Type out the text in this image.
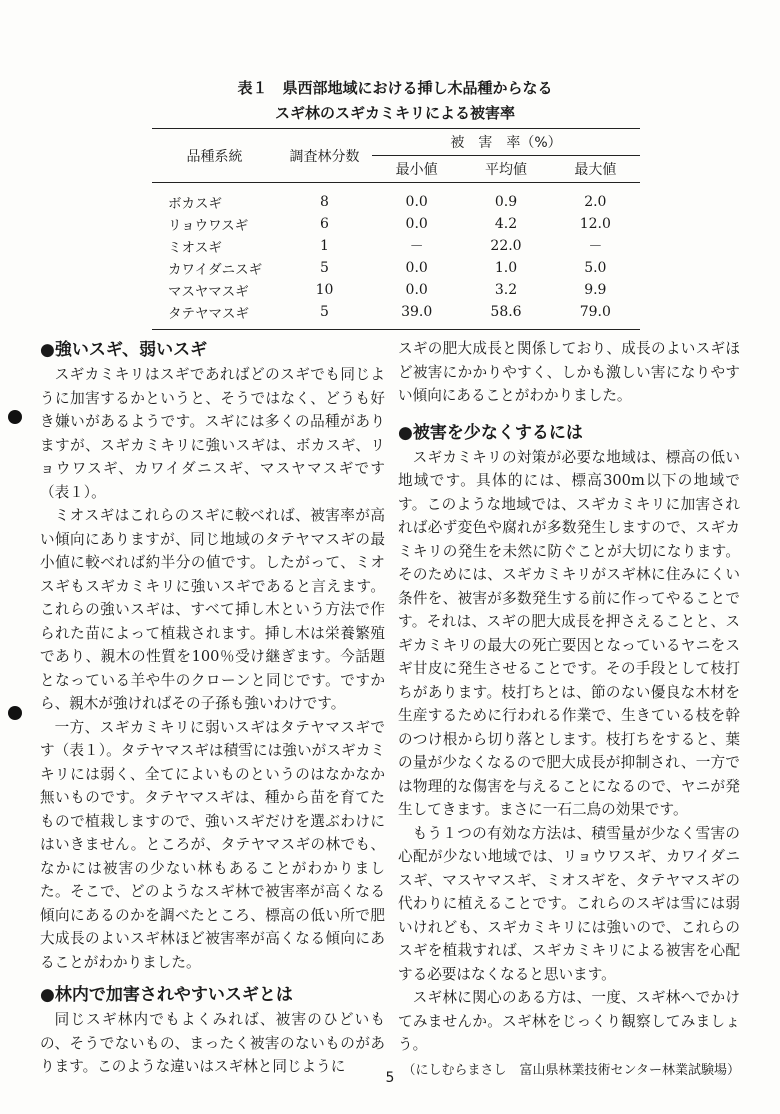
表１　県西部地域における挿し木品種からなる
スギ林のスギカミキリによる被害率
品種系統	調査林分数	被　害　率（%）		
		最小値	平均値	最大値
ボカスギ	8	0.0	0.9	2.0
リョウワスギ	6	0.0	4.2	12.0
ミオスギ	1	－	22.0	－
カワイダニスギ	5	0.0	1.0	5.0
マスヤマスギ	10	0.0	3.2	9.9
タテヤマスギ	5	39.0	58.6	79.0
●強いスギ、弱いスギ

スギカミキリはスギであればどのスギでも同じように加害するかというと、そうではなく、どうも好き嫌いがあるようです。スギには多くの品種がありますが、スギカミキリに強いスギは、ボカスギ、リョウワスギ、カワイダニスギ、マスヤマスギです（表１）。

ミオスギはこれらのスギに較べれば、被害率が高い傾向にありますが、同じ地域のタテヤマスギの最小値に較べれば約半分の値です。したがって、ミオスギもスギカミキリに強いスギであると言えます。これらの強いスギは、すべて挿し木という方法で作られた苗によって植栽されます。挿し木は栄養繁殖であり、親木の性質を100％受け継ぎます。今話題となっている羊や牛のクローンと同じです。ですから、親木が強ければその子孫も強いわけです。

一方、スギカミキリに弱いスギはタテヤマスギです（表１）。タテヤマスギは積雪には強いがスギカミキリには弱く、全てによいものというのはなかなか無いものです。タテヤマスギは、種から苗を育てたもので植栽しますので、強いスギだけを選ぶわけにはいきません。ところが、タテヤマスギの林でも、なかには被害の少ない林もあることがわかりました。そこで、どのようなスギ林で被害率が高くなる傾向にあるのかを調べたところ、標高の低い所で肥大成長のよいスギ林ほど被害率が高くなる傾向にあることがわかりました。

●林内で加害されやすいスギとは

同じスギ林内でもよくみれば、被害のひどいもの、そうでないもの、まったく被害のないものがあります。このような違いはスギ林と同じように

スギの肥大成長と関係しており、成長のよいスギほど被害にかかりやすく、しかも激しい害になりやすい傾向にあることがわかりました。

●被害を少なくするには

スギカミキリの対策が必要な地域は、標高の低い地域です。具体的には、標高300m以下の地域です。このような地域では、スギカミキリに加害されれば必ず変色や腐れが多数発生しますので、スギカミキリの発生を未然に防ぐことが大切になります。そのためには、スギカミキリがスギ林に住みにくい条件を、被害が多数発生する前に作ってやることです。それは、スギの肥大成長を押さえることと、スギカミキリの最大の死亡要因となっているヤニをスギ甘皮に発生させることです。その手段として枝打ちがあります。枝打ちとは、節のない優良な木材を生産するために行われる作業で、生きている枝を幹のつけ根から切り落とします。枝打ちをすると、葉の量が少なくなるので肥大成長が抑制され、一方では物理的な傷害を与えることになるので、ヤニが発生してきます。まさに一石二鳥の効果です。

もう１つの有効な方法は、積雪量が少なく雪害の心配が少ない地域では、リョウワスギ、カワイダニスギ、マスヤマスギ、ミオスギを、タテヤマスギの代わりに植えることです。これらのスギは雪には弱いけれども、スギカミキリには強いので、これらのスギを植栽すれば、スギカミキリによる被害を心配する必要はなくなると思います。

スギ林に関心のある方は、一度、スギ林へでかけてみませんか。スギ林をじっくり観察してみましょう。

（にしむらまさし　富山県林業技術センター林業試験場）
5
